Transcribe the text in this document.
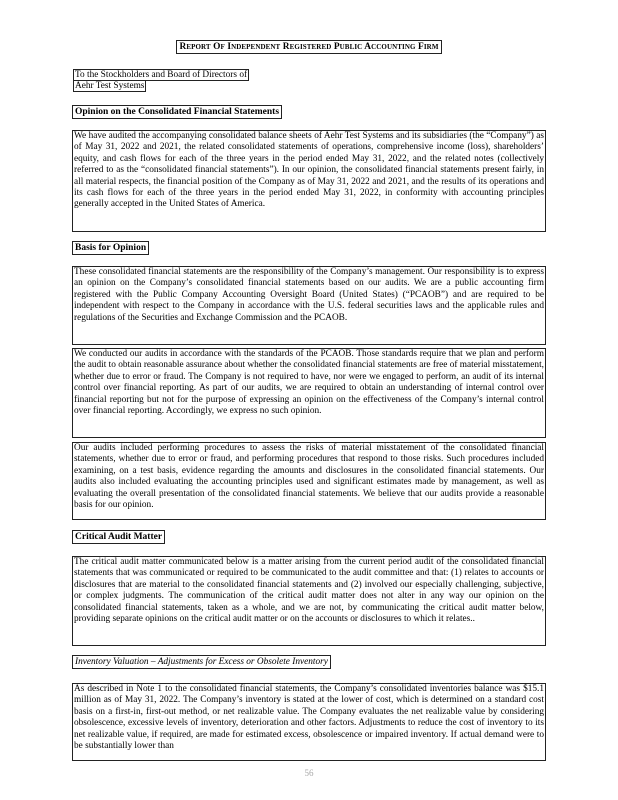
Report Of Independent Registered Public Accounting Firm
To the Stockholders and Board of Directors of
Aehr Test Systems
Opinion on the Consolidated Financial Statements
We have audited the accompanying consolidated balance sheets of Aehr Test Systems and its subsidiaries (the “Company”) as of May 31, 2022 and 2021, the related consolidated statements of operations, comprehensive income (loss), shareholders’ equity, and cash flows for each of the three years in the period ended May 31, 2022, and the related notes (collectively referred to as the “consolidated financial statements”). In our opinion, the consolidated financial statements present fairly, in all material respects, the financial position of the Company as of May 31, 2022 and 2021, and the results of its operations and its cash flows for each of the three years in the period ended May 31, 2022, in conformity with accounting principles generally accepted in the United States of America.
Basis for Opinion
These consolidated financial statements are the responsibility of the Company’s management. Our responsibility is to express an opinion on the Company’s consolidated financial statements based on our audits. We are a public accounting firm registered with the Public Company Accounting Oversight Board (United States) (“PCAOB”) and are required to be independent with respect to the Company in accordance with the U.S. federal securities laws and the applicable rules and regulations of the Securities and Exchange Commission and the PCAOB.
We conducted our audits in accordance with the standards of the PCAOB. Those standards require that we plan and perform the audit to obtain reasonable assurance about whether the consolidated financial statements are free of material misstatement, whether due to error or fraud. The Company is not required to have, nor were we engaged to perform, an audit of its internal control over financial reporting. As part of our audits, we are required to obtain an understanding of internal control over financial reporting but not for the purpose of expressing an opinion on the effectiveness of the Company’s internal control over financial reporting. Accordingly, we express no such opinion.
Our audits included performing procedures to assess the risks of material misstatement of the consolidated financial statements, whether due to error or fraud, and performing procedures that respond to those risks. Such procedures included examining, on a test basis, evidence regarding the amounts and disclosures in the consolidated financial statements. Our audits also included evaluating the accounting principles used and significant estimates made by management, as well as evaluating the overall presentation of the consolidated financial statements. We believe that our audits provide a reasonable basis for our opinion.
Critical Audit Matter
The critical audit matter communicated below is a matter arising from the current period audit of the consolidated financial statements that was communicated or required to be communicated to the audit committee and that: (1) relates to accounts or disclosures that are material to the consolidated financial statements and (2) involved our especially challenging, subjective, or complex judgments. The communication of the critical audit matter does not alter in any way our opinion on the consolidated financial statements, taken as a whole, and we are not, by communicating the critical audit matter below, providing separate opinions on the critical audit matter or on the accounts or disclosures to which it relates..
Inventory Valuation – Adjustments for Excess or Obsolete Inventory
As described in Note 1 to the consolidated financial statements, the Company’s consolidated inventories balance was $15.1 million as of May 31, 2022. The Company’s inventory is stated at the lower of cost, which is determined on a standard cost basis on a first-in, first-out method, or net realizable value. The Company evaluates the net realizable value by considering obsolescence, excessive levels of inventory, deterioration and other factors. Adjustments to reduce the cost of inventory to its net realizable value, if required, are made for estimated excess, obsolescence or impaired inventory. If actual demand were to be substantially lower than
56
